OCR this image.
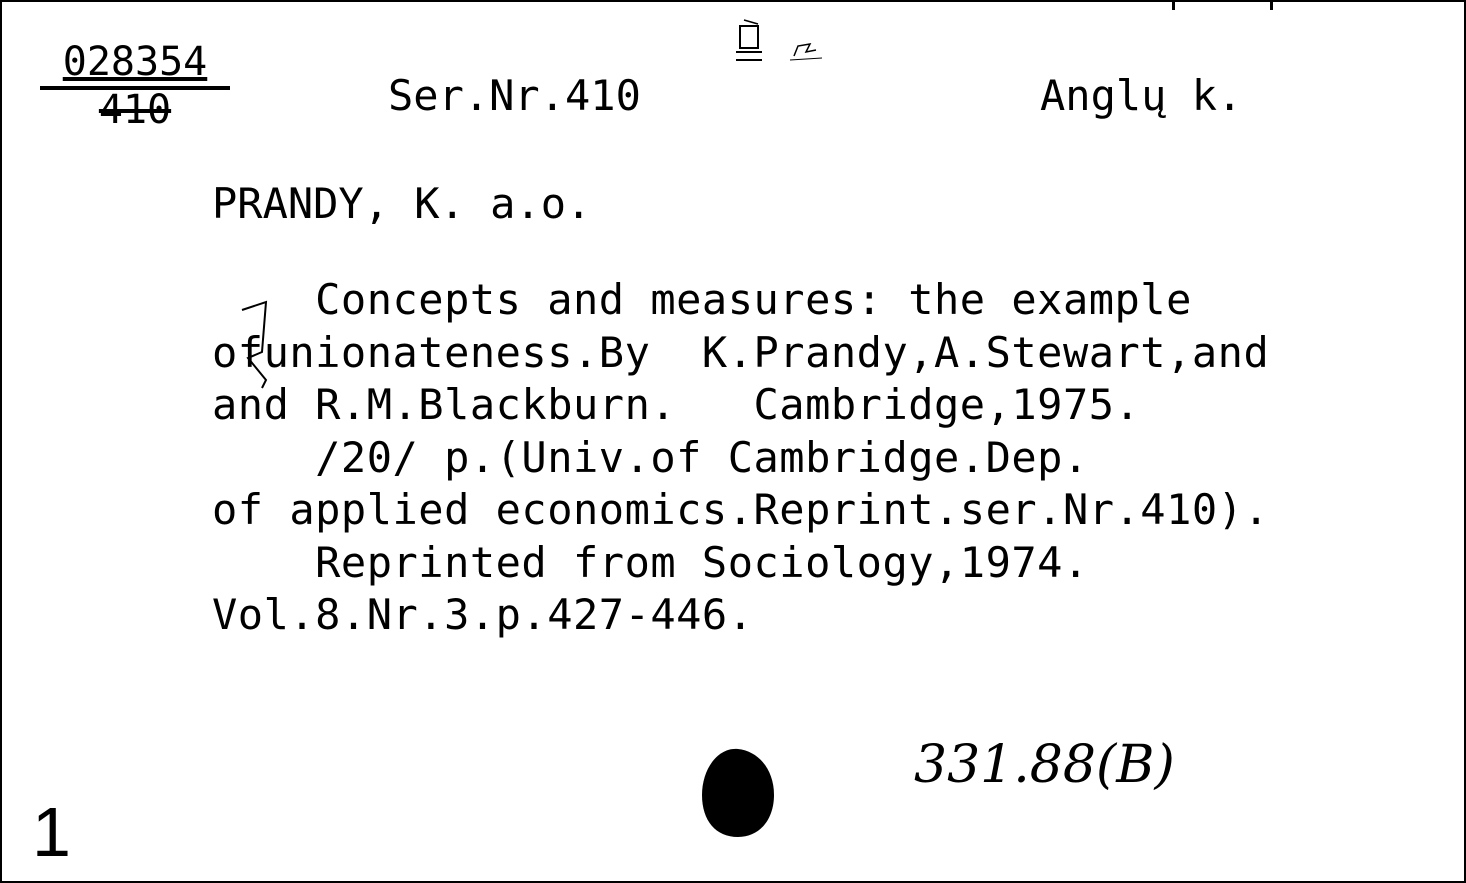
$\frac{028354}{410}$	Ser.Nr.410	Anglų k.
PRANDY, K. a.o.
Concepts and measures: the example
ofunionateness.By  K.Prandy,A.Stewart,and
and R.M.Blackburn.   Cambridge,1975.
/20/ p.(Univ.of Cambridge.Dep.
of applied economics.Reprint.ser.Nr.410).
Reprinted from Sociology,1974.
Vol.8.Nr.3.p.427-446.
331.88(B)
1
